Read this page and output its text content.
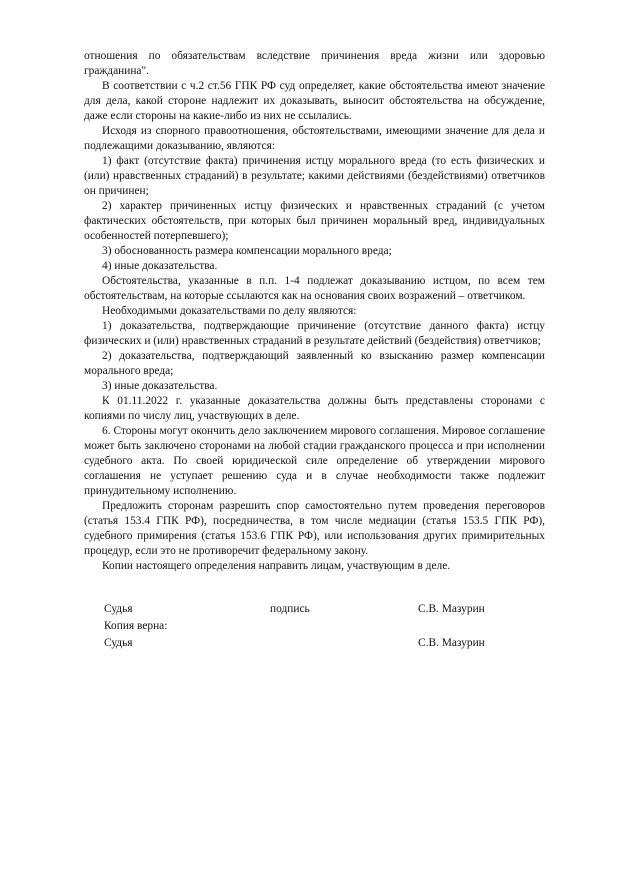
отношения по обязательствам вследствие причинения вреда жизни или здоровью гражданина".

В соответствии с ч.2 ст.56 ГПК РФ суд определяет, какие обстоятельства имеют значение для дела, какой стороне надлежит их доказывать, выносит обстоятельства на обсуждение, даже если стороны на какие-либо из них не ссылались.

Исходя из спорного правоотношения, обстоятельствами, имеющими значение для дела и подлежащими доказыванию, являются:

1) факт (отсутствие факта) причинения истцу морального вреда (то есть физических и (или) нравственных страданий) в результате; какими действиями (бездействиями) ответчиков он причинен;

2) характер причиненных истцу физических и нравственных страданий (с учетом фактических обстоятельств, при которых был причинен моральный вред, индивидуальных особенностей потерпевшего);

3) обоснованность размера компенсации морального вреда;

4) иные доказательства.

Обстоятельства, указанные в п.п. 1-4 подлежат доказыванию истцом, по всем тем обстоятельствам, на которые ссылаются как на основания своих возражений – ответчиком.

Необходимыми доказательствами по делу являются:

1) доказательства, подтверждающие причинение (отсутствие данного факта) истцу физических и (или) нравственных страданий в результате действий (бездействия) ответчиков;

2) доказательства, подтверждающий заявленный ко взысканию размер компенсации морального вреда;

3) иные доказательства.

К 01.11.2022 г. указанные доказательства должны быть представлены сторонами с копиями по числу лиц, участвующих в деле.

6. Стороны могут окончить дело заключением мирового соглашения. Мировое соглашение может быть заключено сторонами на любой стадии гражданского процесса и при исполнении судебного акта. По своей юридической силе определение об утверждении мирового соглашения не уступает решению суда и в случае необходимости также подлежит принудительному исполнению.

Предложить сторонам разрешить спор самостоятельно путем проведения переговоров (статья 153.4 ГПК РФ), посредничества, в том числе медиации (статья 153.5 ГПК РФ), судебного примирения (статья 153.6 ГПК РФ), или использования других примирительных процедур, если это не противоречит федеральному закону.

Копии настоящего определения направить лицам, участвующим в деле.

Судья	подпись	С.В. Мазурин
Копия верна:
Судья	С.В. Мазурин
